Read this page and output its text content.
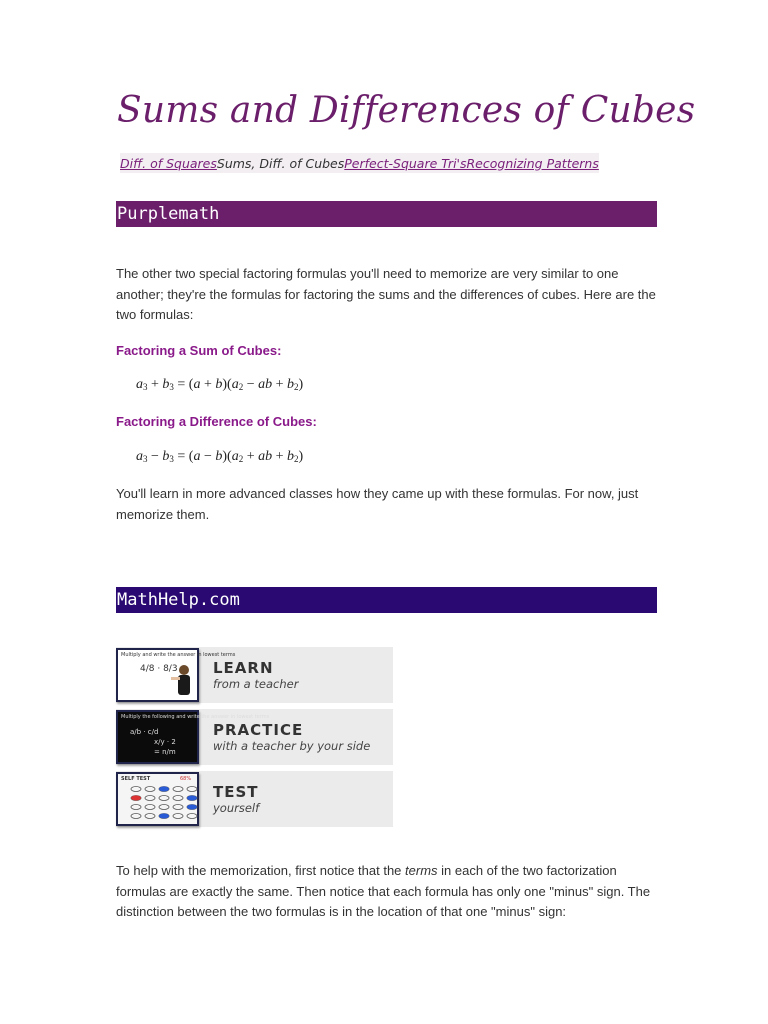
Sums and Differences of Cubes
Diff. of Squares Sums, Diff. of Cubes Perfect-Square Tri's Recognizing Patterns
Purplemath
The other two special factoring formulas you'll need to memorize are very similar to one another; they're the formulas for factoring the sums and the differences of cubes. Here are the two formulas:
Factoring a Sum of Cubes:
$a_3 + b_3 = (a + b)(a_2$ − ab + $b_2$)
Factoring a Difference of Cubes:
$a_3 - b_3 = (a - b)(a_2$ + ab + $b_2$)
You'll learn in more advanced classes how they came up with these formulas. For now, just memorize them.
MathHelp.com
Multiply and write the answer in lowest terms
4/8 · 8/3 LEARN
from a teacher
Multiply the following and write the answer in lowest terms
a/b · c/d
x/y · 2
= n/m
PRACTICE
with a teacher by your side
SELF TEST	68%
TEST
yourself
To help with the memorization, first notice that the terms in each of the two factorization formulas are exactly the same. Then notice that each formula has only one "minus" sign. The distinction between the two formulas is in the location of that one "minus" sign:
